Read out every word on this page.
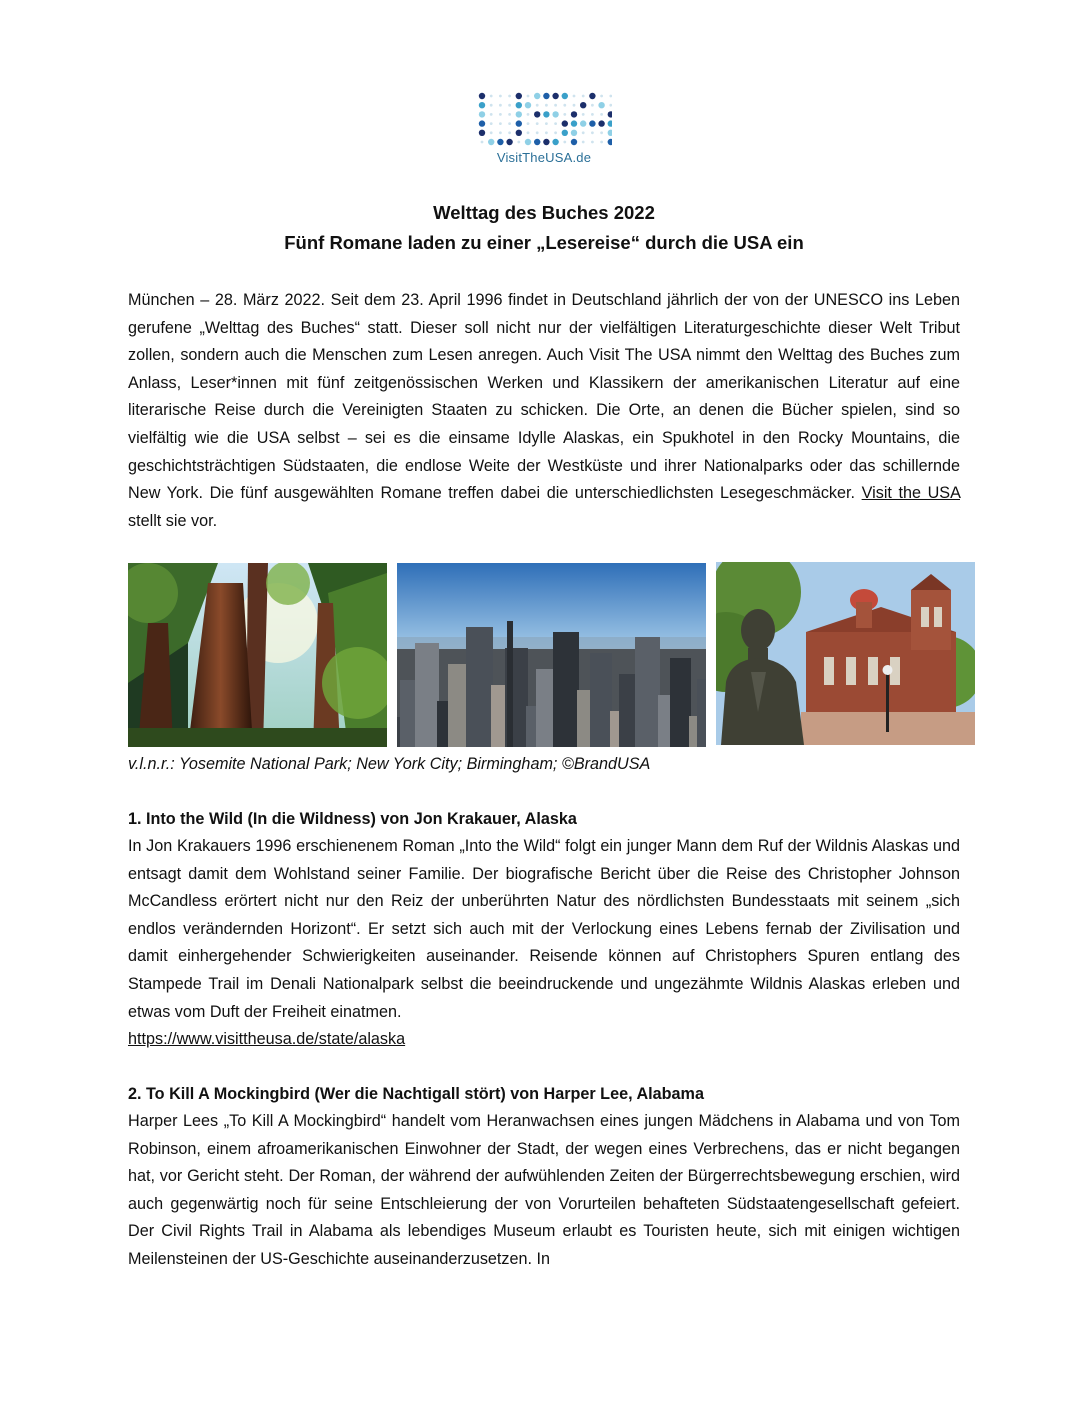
VisitTheUSA.de
Welttag des Buches 2022
Fünf Romane laden zu einer „Lesereise“ durch die USA ein
München – 28. März 2022. Seit dem 23. April 1996 findet in Deutschland jährlich der von der UNESCO ins Leben gerufene „Welttag des Buches“ statt. Dieser soll nicht nur der vielfältigen Literaturgeschichte dieser Welt Tribut zollen, sondern auch die Menschen zum Lesen anregen. Auch Visit The USA nimmt den Welttag des Buches zum Anlass, Leser*innen mit fünf zeitgenössischen Werken und Klassikern der amerikanischen Literatur auf eine literarische Reise durch die Vereinigten Staaten zu schicken. Die Orte, an denen die Bücher spielen, sind so vielfältig wie die USA selbst – sei es die einsame Idylle Alaskas, ein Spukhotel in den Rocky Mountains, die geschichtsträchtigen Südstaaten, die endlose Weite der Westküste und ihrer Nationalparks oder das schillernde New York. Die fünf ausgewählten Romane treffen dabei die unterschiedlichsten Lesegeschmäcker. Visit the USA stellt sie vor.
v.l.n.r.: Yosemite National Park; New York City; Birmingham; ©BrandUSA
1. Into the Wild (In die Wildness) von Jon Krakauer, Alaska
In Jon Krakauers 1996 erschienenem Roman „Into the Wild“ folgt ein junger Mann dem Ruf der Wildnis Alaskas und entsagt damit dem Wohlstand seiner Familie. Der biografische Bericht über die Reise des Christopher Johnson McCandless erörtert nicht nur den Reiz der unberührten Natur des nördlichsten Bundesstaats mit seinem „sich endlos verändernden Horizont“. Er setzt sich auch mit der Verlockung eines Lebens fernab der Zivilisation und damit einhergehender Schwierigkeiten auseinander. Reisende können auf Christophers Spuren entlang des Stampede Trail im Denali Nationalpark selbst die beeindruckende und ungezähmte Wildnis Alaskas erleben und etwas vom Duft der Freiheit einatmen.
https://www.visittheusa.de/state/alaska
2. To Kill A Mockingbird (Wer die Nachtigall stört) von Harper Lee, Alabama
Harper Lees „To Kill A Mockingbird“ handelt vom Heranwachsen eines jungen Mädchens in Alabama und von Tom Robinson, einem afroamerikanischen Einwohner der Stadt, der wegen eines Verbrechens, das er nicht begangen hat, vor Gericht steht. Der Roman, der während der aufwühlenden Zeiten der Bürgerrechtsbewegung erschien, wird auch gegenwärtig noch für seine Entschleierung der von Vorurteilen behafteten Südstaatengesellschaft gefeiert. Der Civil Rights Trail in Alabama als lebendiges Museum erlaubt es Touristen heute, sich mit einigen wichtigen Meilensteinen der US-Geschichte auseinanderzusetzen. In
